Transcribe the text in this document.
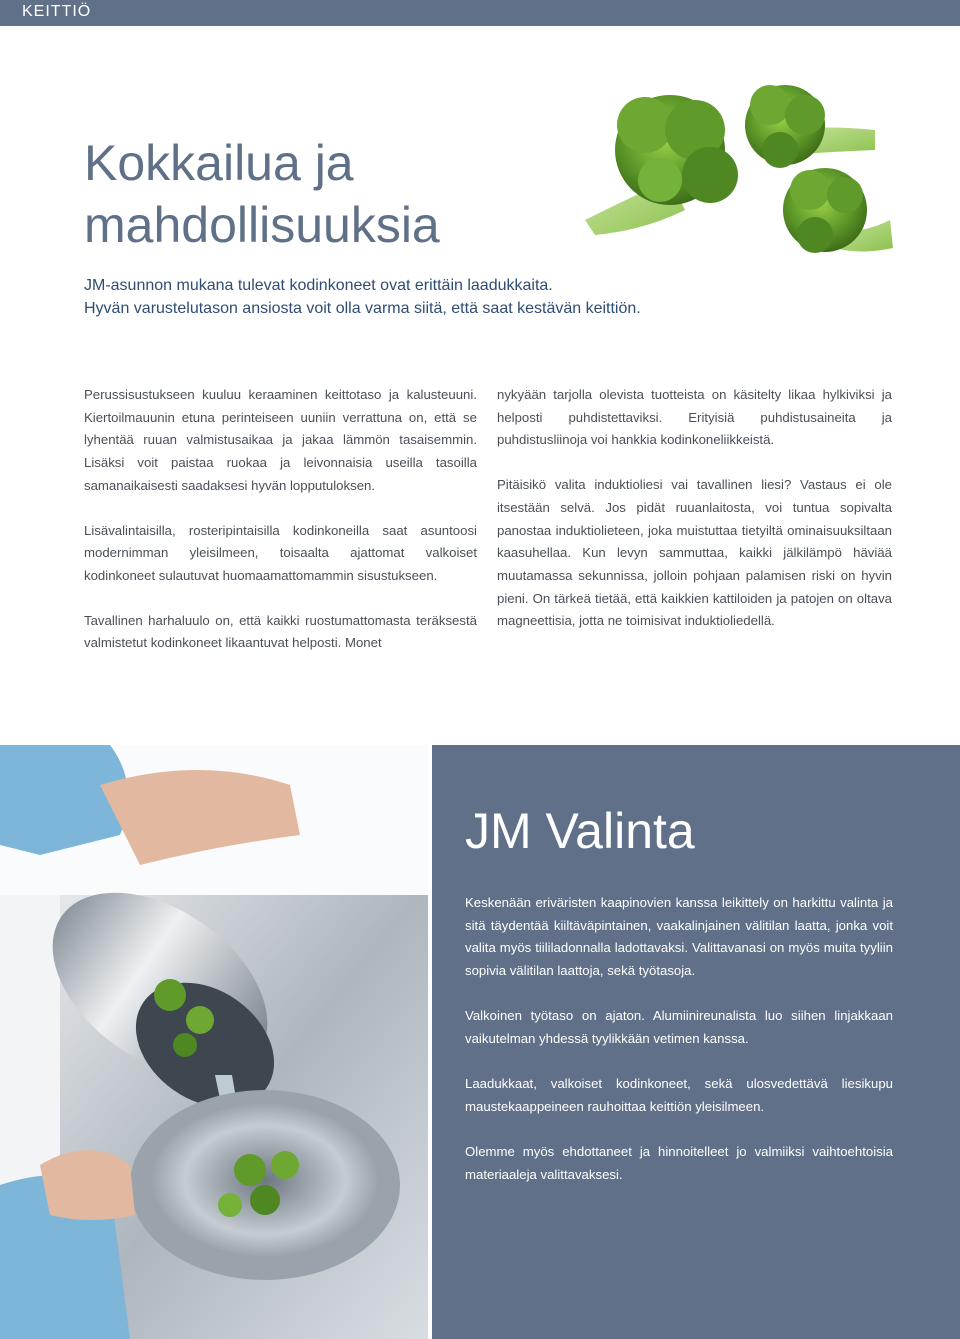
KEITTIÖ
Kokkailua ja
mahdollisuuksia

JM-asunnon mukana tulevat kodinkoneet ovat erittäin laadukkaita.
Hyvän varustelutason ansiosta voit olla varma siitä, että saat kestävän keittiön.

Perussisustukseen kuuluu keraaminen keittotaso ja kalusteuuni. Kiertoilmauunin etuna perinteiseen uuniin verrattuna on, että se lyhentää ruuan valmistusaikaa ja jakaa lämmön tasaisemmin. Lisäksi voit paistaa ruokaa ja leivonnaisia useilla tasoilla samanaikaisesti saadaksesi hyvän lopputuloksen.

Lisävalintaisilla, rosteripintaisilla kodinkoneilla saat asuntoosi modernimman yleisilmeen, toisaalta ajattomat valkoiset kodinkoneet sulautuvat huomaamattomammin sisustukseen.

Tavallinen harhaluulo on, että kaikki ruostumattomasta teräksestä valmistetut kodinkoneet likaantuvat helposti. Monet

nykyään tarjolla olevista tuotteista on käsitelty likaa hylkiviksi ja helposti puhdistettaviksi. Erityisiä puhdistusaineita ja puhdistusliinoja voi hankkia kodinkoneliikkeistä.

Pitäisikö valita induktioliesi vai tavallinen liesi? Vastaus ei ole itsestään selvä. Jos pidät ruuanlaitosta, voi tuntua sopivalta panostaa induktiolieteen, joka muistuttaa tietyiltä ominaisuuksiltaan kaasuhellaa. Kun levyn sammuttaa, kaikki jälkilämpö häviää muutamassa sekunnissa, jolloin pohjaan palamisen riski on hyvin pieni. On tärkeä tietää, että kaikkien kattiloiden ja patojen on oltava magneettisia, jotta ne toimisivat induktioliedellä.

JM Valinta

Keskenään eriväristen kaapinovien kanssa leikittely on harkittu valinta ja sitä täydentää kiiltäväpintainen, vaakalinjainen välitilan laatta, jonka voit valita myös tiililadonnalla ladottavaksi. Valittavanasi on myös muita tyyliin sopivia välitilan laattoja, sekä työtasoja.

Valkoinen työtaso on ajaton. Alumiinireunalista luo siihen linjakkaan vaikutelman yhdessä tyylikkään vetimen kanssa.

Laadukkaat, valkoiset kodinkoneet, sekä ulosvedettävä liesikupu maustekaappeineen rauhoittaa keittiön yleisilmeen.

Olemme myös ehdottaneet ja hinnoitelleet jo valmiiksi vaihtoehtoisia materiaaleja valittavaksesi.
